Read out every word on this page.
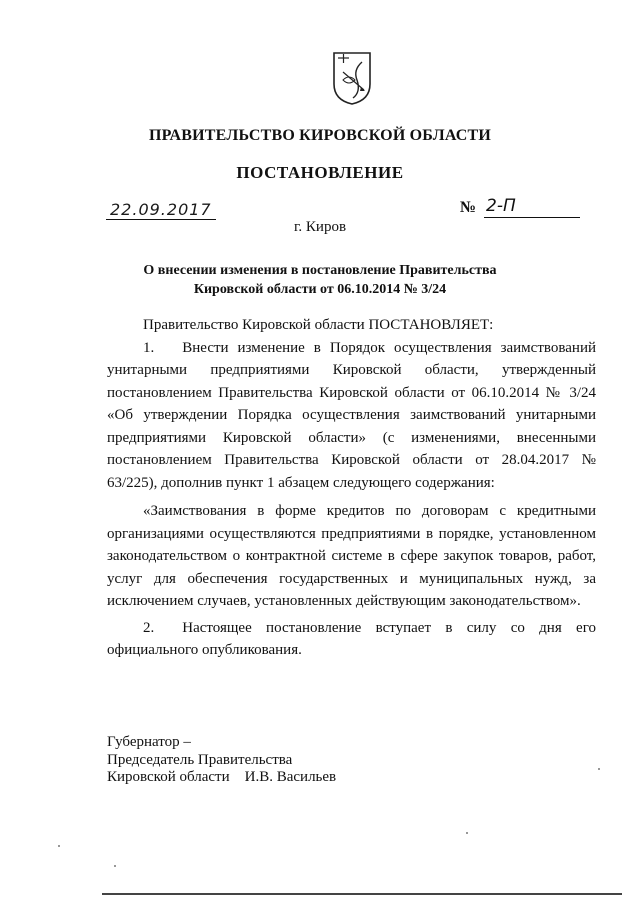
ПРАВИТЕЛЬСТВО КИРОВСКОЙ ОБЛАСТИ
ПОСТАНОВЛЕНИЕ
22.09.2017	№ 2-П
г. Киров
О внесении изменения в постановление Правительства
Кировской области от 06.10.2014 № 3/24

Правительство Кировской области ПОСТАНОВЛЯЕТ:

1. Внести изменение в Порядок осуществления заимствований унитарными предприятиями Кировской области, утвержденный постановлением Правительства Кировской области от 06.10.2014 № 3/24 «Об утверждении Порядка осуществления заимствований унитарными предприятиями Кировской области» (с изменениями, внесенными постановлением Правительства Кировской области от 28.04.2017 № 63/225), дополнив пункт 1 абзацем следующего содержания:

«Заимствования в форме кредитов по договорам с кредитными организациями осуществляются предприятиями в порядке, установленном законодательством о контрактной системе в сфере закупок товаров, работ, услуг для обеспечения государственных и муниципальных нужд, за исключением случаев, установленных действующим законодательством».

2. Настоящее постановление вступает в силу со дня его официального опубликования.

Губернатор –
Председатель Правительства
Кировской области И.В. Васильев
